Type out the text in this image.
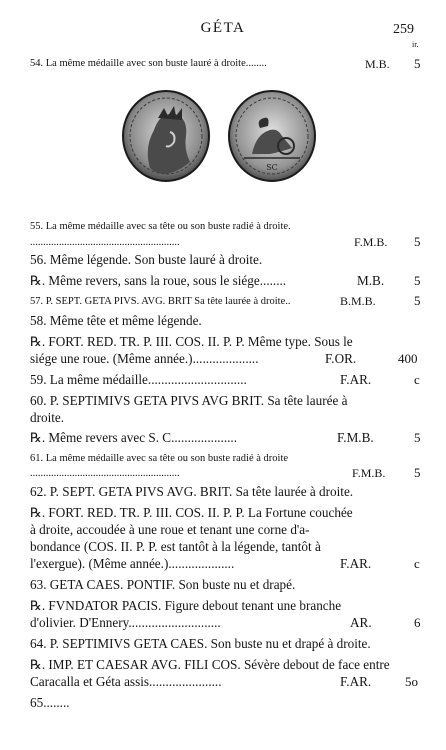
GÉTA	259
ir.
54. La même médaille avec son buste lauré à droite........	M.B. 5
SC
55. La même médaille avec sa tête ou son buste radié à droite.
.........................................................	F.M.B. 5
56. Même légende. Son buste lauré à droite.
℞. Même revers, sans la roue, sous le siége........	M.B. 5
57. P. SEPT. GETA PIVS. AVG. BRIT Sa tête laurée à droite..	B.M.B.	5
58. Même tête et même légende.
℞. FORT. RED. TR. P. III. COS. II. P. P. Même type. Sous le
siége une roue. (Même année.)....................	F.OR.	400
59. La même médaille..............................	F.AR.	c
60. P. SEPTIMIVS GETA PIVS AVG BRIT. Sa tête laurée à
droite.
℞. Même revers avec S. C....................	F.M.B.	5
61. La même médaille avec sa tête ou son buste radié à droite
.........................................................	F.M.B. 5
62. P. SEPT. GETA PIVS AVG. BRIT. Sa tête laurée à droite.
℞. FORT. RED. TR. P. III. COS. II. P. P. La Fortune couchée
à droite, accoudée à une roue et tenant une corne d'a-
bondance (COS. II. P. P. est tantôt à la légende, tantôt à
l'exergue). (Même année.)....................	F.AR.	c
63. GETA CAES. PONTIF. Son buste nu et drapé.
℞. FVNDATOR PACIS. Figure debout tenant une branche
d'olivier. D'Ennery............................	AR.	6
64. P. SEPTIMIVS GETA CAES. Son buste nu et drapé à droite.
℞. IMP. ET CAESAR AVG. FILI COS. Sévère debout de face entre
Caracalla et Géta assis......................	F.AR.	5o
65........
